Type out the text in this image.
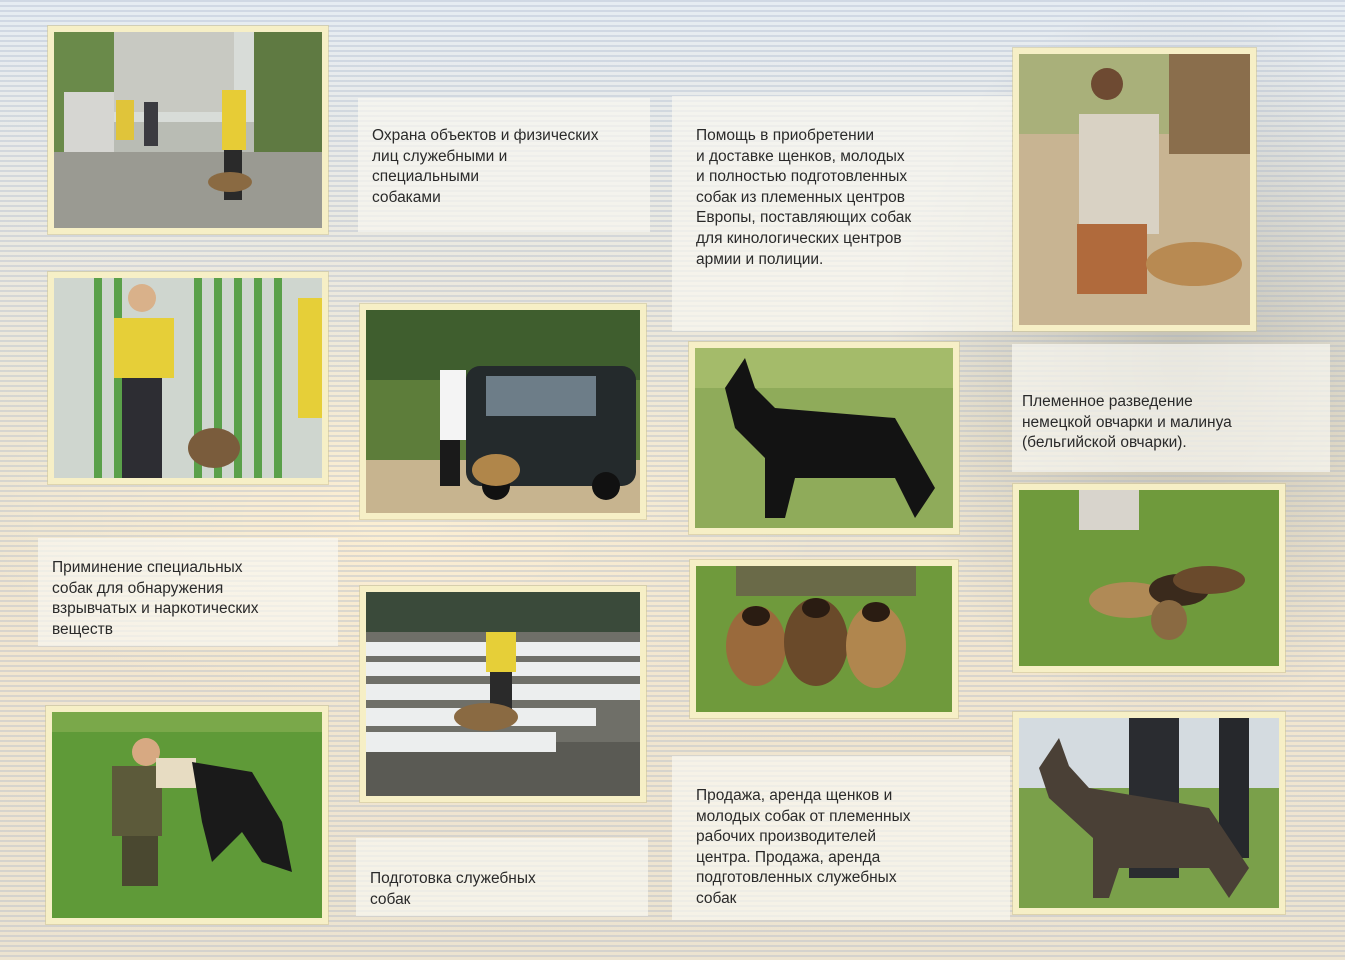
Охрана объектов и физических
лиц служебными и
специальными
собаками
Помощь в приобретении
и доставке щенков, молодых
и полностью подготовленных
собак из племенных центров
Европы, поставляющих собак
для кинологических центров
армии и полиции.
Племенное разведение
немецкой овчарки и малинуа
(бельгийской овчарки).
Приминение специальных
собак для обнаружения
взрывчатых и наркотических
веществ
Подготовка служебных
собак
Продажа, аренда щенков и
молодых собак от племенных
рабочих производителей
центра. Продажа, аренда
подготовленных служебных
собак
